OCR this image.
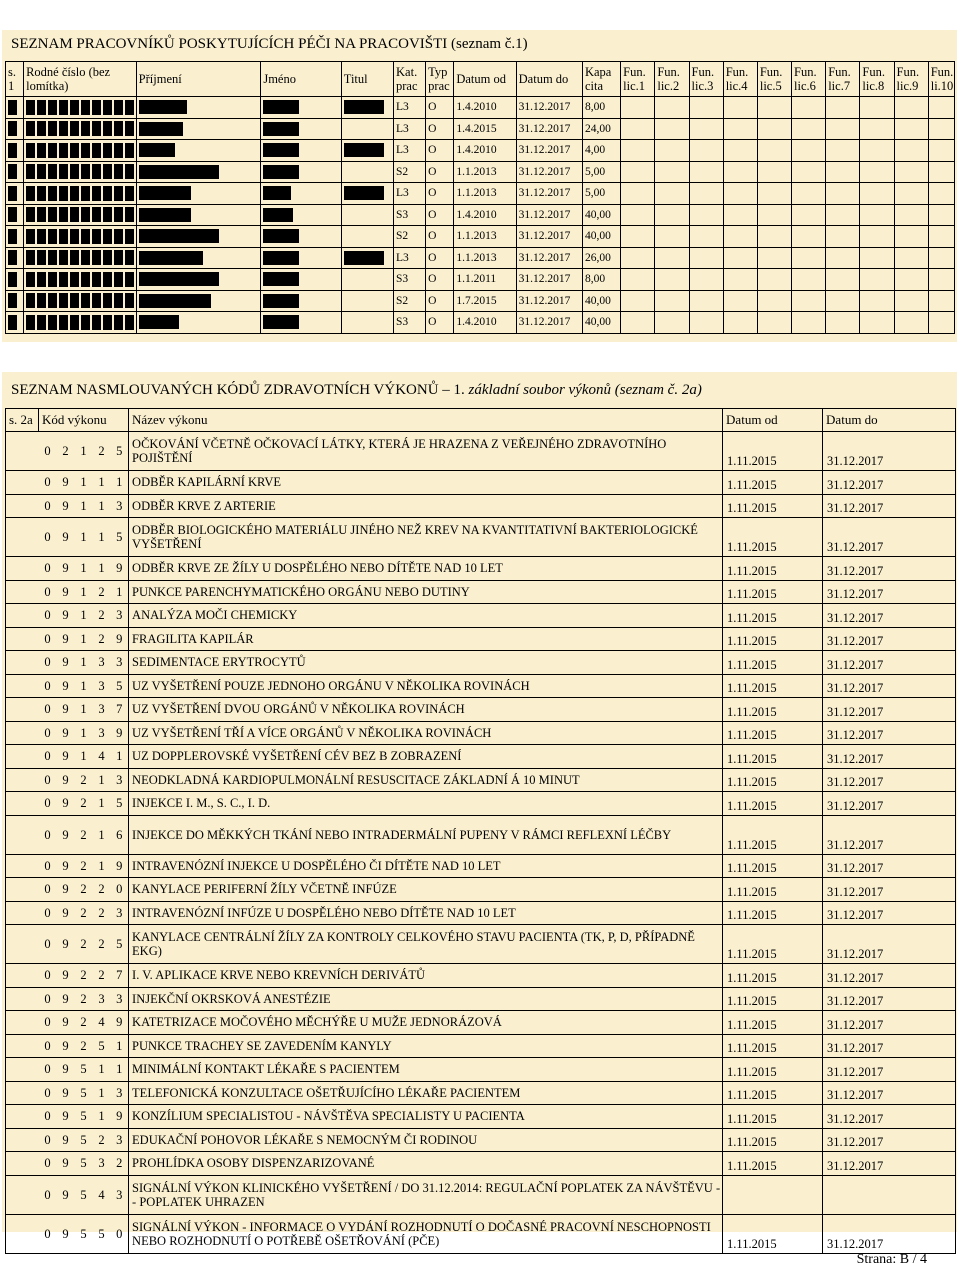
SEZNAM PRACOVNÍKŮ POSKYTUJÍCÍCH PÉČI NA PRACOVIŠTI (seznam č.1)
s. 1	Rodné číslo (bez lomítka)	Příjmení	Jméno	Titul	Kat. prac	Typ prac	Datum od	Datum do	Kapa cita	Fun. lic.1	Fun. lic.2	Fun. lic.3	Fun. lic.4	Fun. lic.5	Fun. lic.6	Fun. lic.7	Fun. lic.8	Fun. lic.9	Fun. li.10
					L3	O	1.4.2010	31.12.2017	8,00										
					L3	O	1.4.2015	31.12.2017	24,00										
					L3	O	1.4.2010	31.12.2017	4,00										
					S2	O	1.1.2013	31.12.2017	5,00										
					L3	O	1.1.2013	31.12.2017	5,00										
					S3	O	1.4.2010	31.12.2017	40,00										
					S2	O	1.1.2013	31.12.2017	40,00										
					L3	O	1.1.2013	31.12.2017	26,00										
					S3	O	1.1.2011	31.12.2017	8,00										
					S2	O	1.7.2015	31.12.2017	40,00										
					S3	O	1.4.2010	31.12.2017	40,00										
SEZNAM NASMLOUVANÝCH KÓDŮ ZDRAVOTNÍCH VÝKONŮ – 1. základní soubor výkonů (seznam č. 2a)
s. 2a	Kód výkonu					Název výkonu	Datum od	Datum do
	0	2	1	2	5	OČKOVÁNÍ VČETNĚ OČKOVACÍ LÁTKY, KTERÁ JE HRAZENA Z VEŘEJNÉHO ZDRAVOTNÍHO POJIŠTĚNÍ	1.11.2015	31.12.2017
	0	9	1	1	1	ODBĚR KAPILÁRNÍ KRVE	1.11.2015	31.12.2017
	0	9	1	1	3	ODBĚR KRVE Z ARTERIE	1.11.2015	31.12.2017
	0	9	1	1	5	ODBĚR BIOLOGICKÉHO MATERIÁLU JINÉHO NEŽ KREV NA KVANTITATIVNÍ BAKTERIOLOGICKÉ VYŠETŘENÍ	1.11.2015	31.12.2017
	0	9	1	1	9	ODBĚR KRVE ZE ŽÍLY U DOSPĚLÉHO NEBO DÍTĚTE NAD 10 LET	1.11.2015	31.12.2017
	0	9	1	2	1	PUNKCE PARENCHYMATICKÉHO ORGÁNU NEBO DUTINY	1.11.2015	31.12.2017
	0	9	1	2	3	ANALÝZA MOČI CHEMICKY	1.11.2015	31.12.2017
	0	9	1	2	9	FRAGILITA KAPILÁR	1.11.2015	31.12.2017
	0	9	1	3	3	SEDIMENTACE ERYTROCYTŮ	1.11.2015	31.12.2017
	0	9	1	3	5	UZ VYŠETŘENÍ POUZE JEDNOHO ORGÁNU V NĚKOLIKA ROVINÁCH	1.11.2015	31.12.2017
	0	9	1	3	7	UZ VYŠETŘENÍ DVOU ORGÁNŮ V NĚKOLIKA ROVINÁCH	1.11.2015	31.12.2017
	0	9	1	3	9	UZ VYŠETŘENÍ TŘÍ A VÍCE ORGÁNŮ V NĚKOLIKA ROVINÁCH	1.11.2015	31.12.2017
	0	9	1	4	1	UZ DOPPLEROVSKÉ VYŠETŘENÍ CÉV BEZ B ZOBRAZENÍ	1.11.2015	31.12.2017
	0	9	2	1	3	NEODKLADNÁ KARDIOPULMONÁLNÍ RESUSCITACE ZÁKLADNÍ Á 10 MINUT	1.11.2015	31.12.2017
	0	9	2	1	5	INJEKCE I. M., S. C., I. D.	1.11.2015	31.12.2017
	0	9	2	1	6	INJEKCE DO MĚKKÝCH TKÁNÍ NEBO INTRADERMÁLNÍ PUPENY V RÁMCI REFLEXNÍ LÉČBY	1.11.2015	31.12.2017
	0	9	2	1	9	INTRAVENÓZNÍ INJEKCE U DOSPĚLÉHO ČI DÍTĚTE NAD 10 LET	1.11.2015	31.12.2017
	0	9	2	2	0	KANYLACE PERIFERNÍ ŽÍLY VČETNĚ INFÚZE	1.11.2015	31.12.2017
	0	9	2	2	3	INTRAVENÓZNÍ INFÚZE U DOSPĚLÉHO NEBO DÍTĚTE NAD 10 LET	1.11.2015	31.12.2017
	0	9	2	2	5	KANYLACE CENTRÁLNÍ ŽÍLY ZA KONTROLY CELKOVÉHO STAVU PACIENTA (TK, P, D, PŘÍPADNĚ EKG)	1.11.2015	31.12.2017
	0	9	2	2	7	I. V. APLIKACE KRVE NEBO KREVNÍCH DERIVÁTŮ	1.11.2015	31.12.2017
	0	9	2	3	3	INJEKČNÍ OKRSKOVÁ ANESTÉZIE	1.11.2015	31.12.2017
	0	9	2	4	9	KATETRIZACE MOČOVÉHO MĚCHÝŘE U MUŽE JEDNORÁZOVÁ	1.11.2015	31.12.2017
	0	9	2	5	1	PUNKCE TRACHEY SE ZAVEDENÍM KANYLY	1.11.2015	31.12.2017
	0	9	5	1	1	MINIMÁLNÍ KONTAKT LÉKAŘE S PACIENTEM	1.11.2015	31.12.2017
	0	9	5	1	3	TELEFONICKÁ KONZULTACE OŠETŘUJÍCÍHO LÉKAŘE PACIENTEM	1.11.2015	31.12.2017
	0	9	5	1	9	KONZÍLIUM SPECIALISTOU - NÁVŠTĚVA SPECIALISTY U PACIENTA	1.11.2015	31.12.2017
	0	9	5	2	3	EDUKAČNÍ POHOVOR LÉKAŘE S NEMOCNÝM ČI RODINOU	1.11.2015	31.12.2017
	0	9	5	3	2	PROHLÍDKA OSOBY DISPENZARIZOVANÉ	1.11.2015	31.12.2017
	0	9	5	4	3	SIGNÁLNÍ VÝKON KLINICKÉHO VYŠETŘENÍ / DO 31.12.2014: REGULAČNÍ POPLATEK ZA NÁVŠTĚVU -- POPLATEK UHRAZEN		
	0	9	5	5	0	SIGNÁLNÍ VÝKON - INFORMACE O VYDÁNÍ ROZHODNUTÍ O DOČASNÉ PRACOVNÍ NESCHOPNOSTI NEBO ROZHODNUTÍ O POTŘEBĚ OŠETŘOVÁNÍ (PČE)	1.11.2015	31.12.2017
Strana: B / 4
